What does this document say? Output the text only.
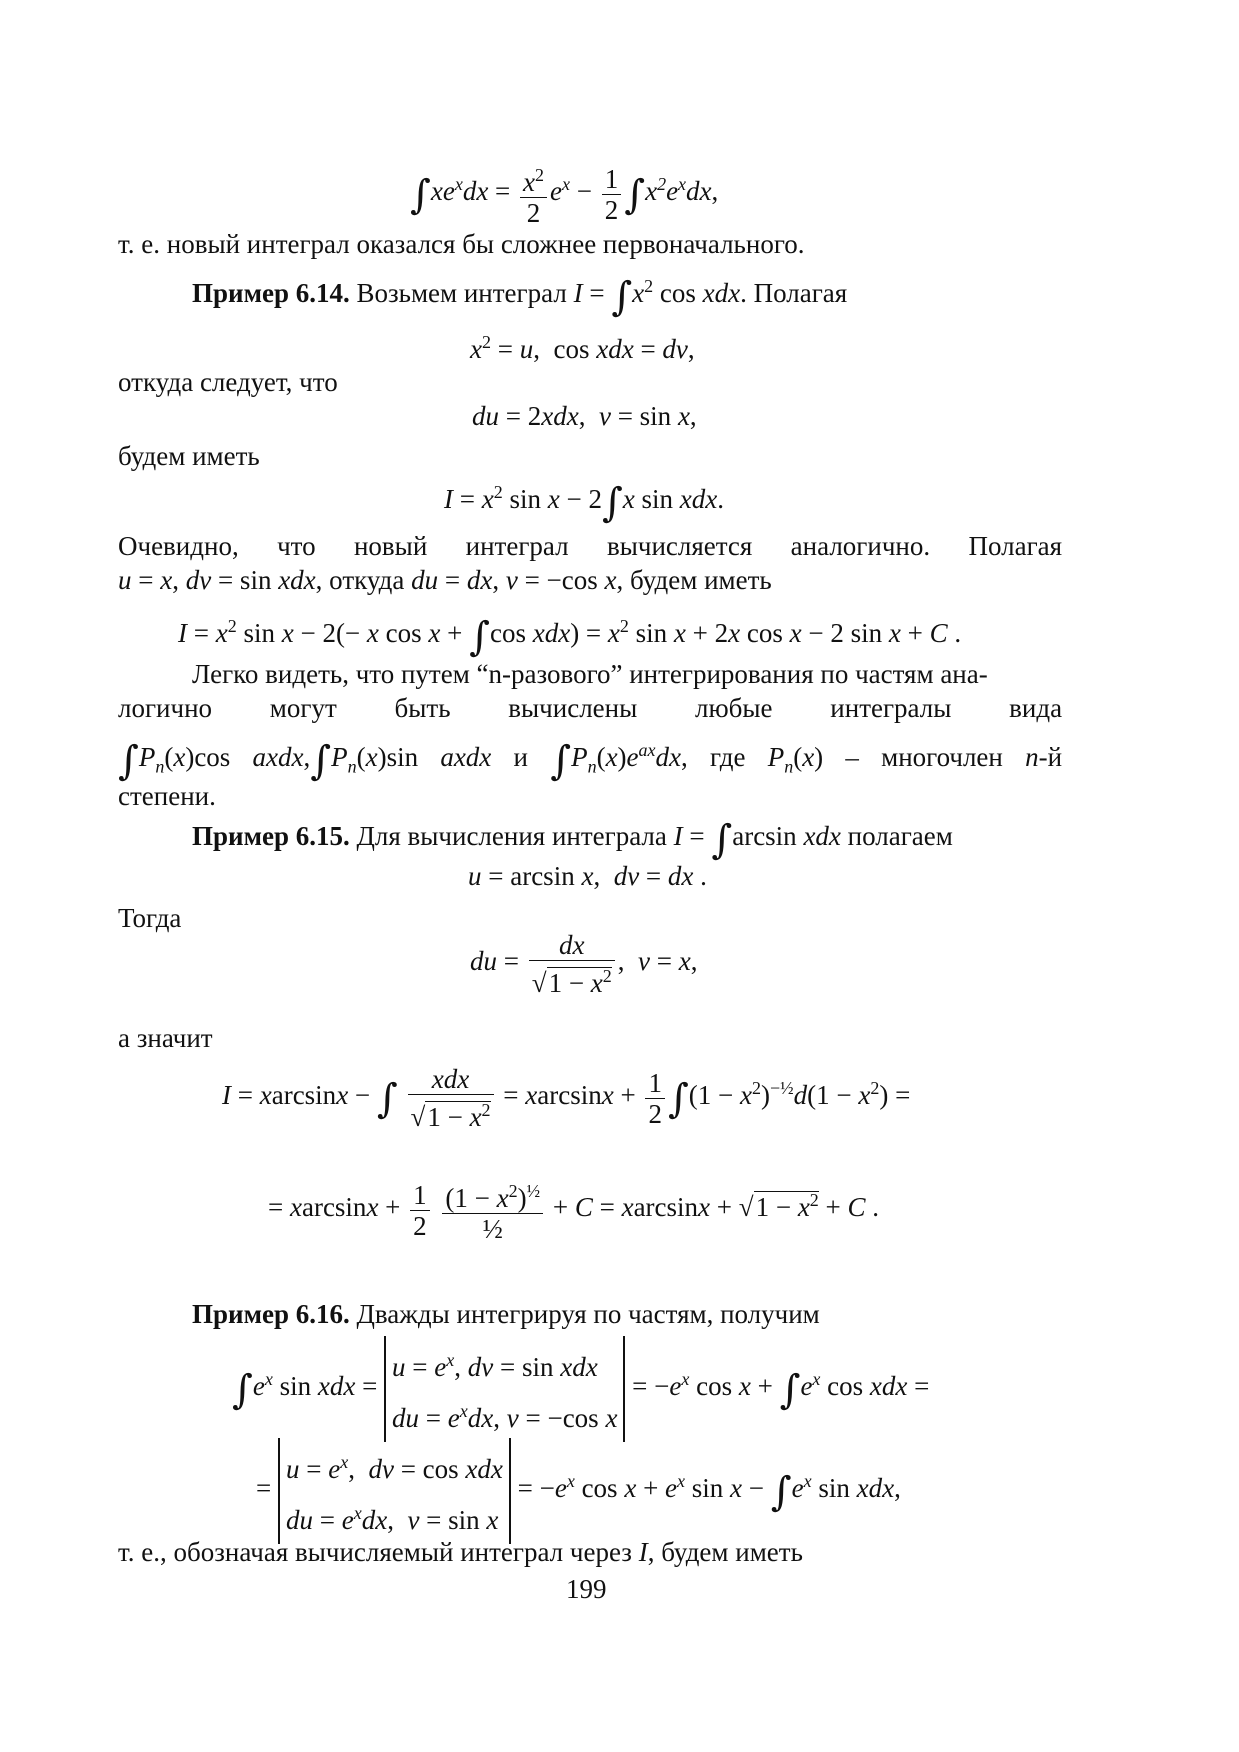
$\int xe^xdx = \frac{x^2}{2} e^x - \frac{1}{2} \int x^2e^xdx$,
т. е. новый интеграл оказался бы сложнее первоначального.
Пример 6.14. Возьмем интеграл $I = \int x^2$ cos xdx. Полагая
$x^2 = u$,  cos xdx = dv,
откуда следует, что
du = 2xdx,  v = sin x,
будем иметь
$I = x^2$ sin x − 2∫x sin xdx.
Очевидно, что новый интеграл вычисляется аналогично. Полагая
u = x, dv = sin xdx, откуда du = dx, v = −cos x, будем иметь
$I = x^2$ sin x − 2(− x cos x + ∫cos $xdx) = x^2$ sin x + 2x cos x − 2 sin x + C .
Легко видеть, что путем “n-разового” интегрирования по частям ана-
логично могут быть вычислены любые интегралы вида
$\int P_n(x)\cos$ $axdx,\int P_n(x)\sin$ axdx и $\int P_n(x)e^{ax}dx$, где $P_n(x)$ – многочлен n-й
степени.
Пример 6.15. Для вычисления интеграла I = ∫arcsin xdx полагаем
u = arcsin x,  dv = dx .
Тогда
du = $\frac{dx}{√1 - x^2}$ ,  v = x,
а значит
I = xarcsinx − ∫ $\frac{\text{xdx}}{√1 - x^2} = xarcsinx + \frac{1}{2} \int(1 - x^2)^{-\frac{1}{2}}d(1 - x^2)$ =
= $xarcsinx + \frac{1}{2}$
$\frac{(1 - x^2)^{\frac{1}{2}}}{\text{½}} + C = xarcsinx + √1 - x^2 + C$ .
Пример 6.16. Дважды интегрируя по частям, получим
$\int e^x$ sin xdx =
$u = e^x$, dv = sin xdx
du = $e^xdx$, v = −cos x
= $-e^x$ $\cos x + \int e^x$ cos xdx =
=
$u = e^x$,  dv = cos xdx
du = $e^xdx$,  v = sin x
= $-e^x$ $\cos x + e^x$ $\sin x - \int e^x$ sin xdx,
т. е., обозначая вычисляемый интеграл через I, будем иметь
199
